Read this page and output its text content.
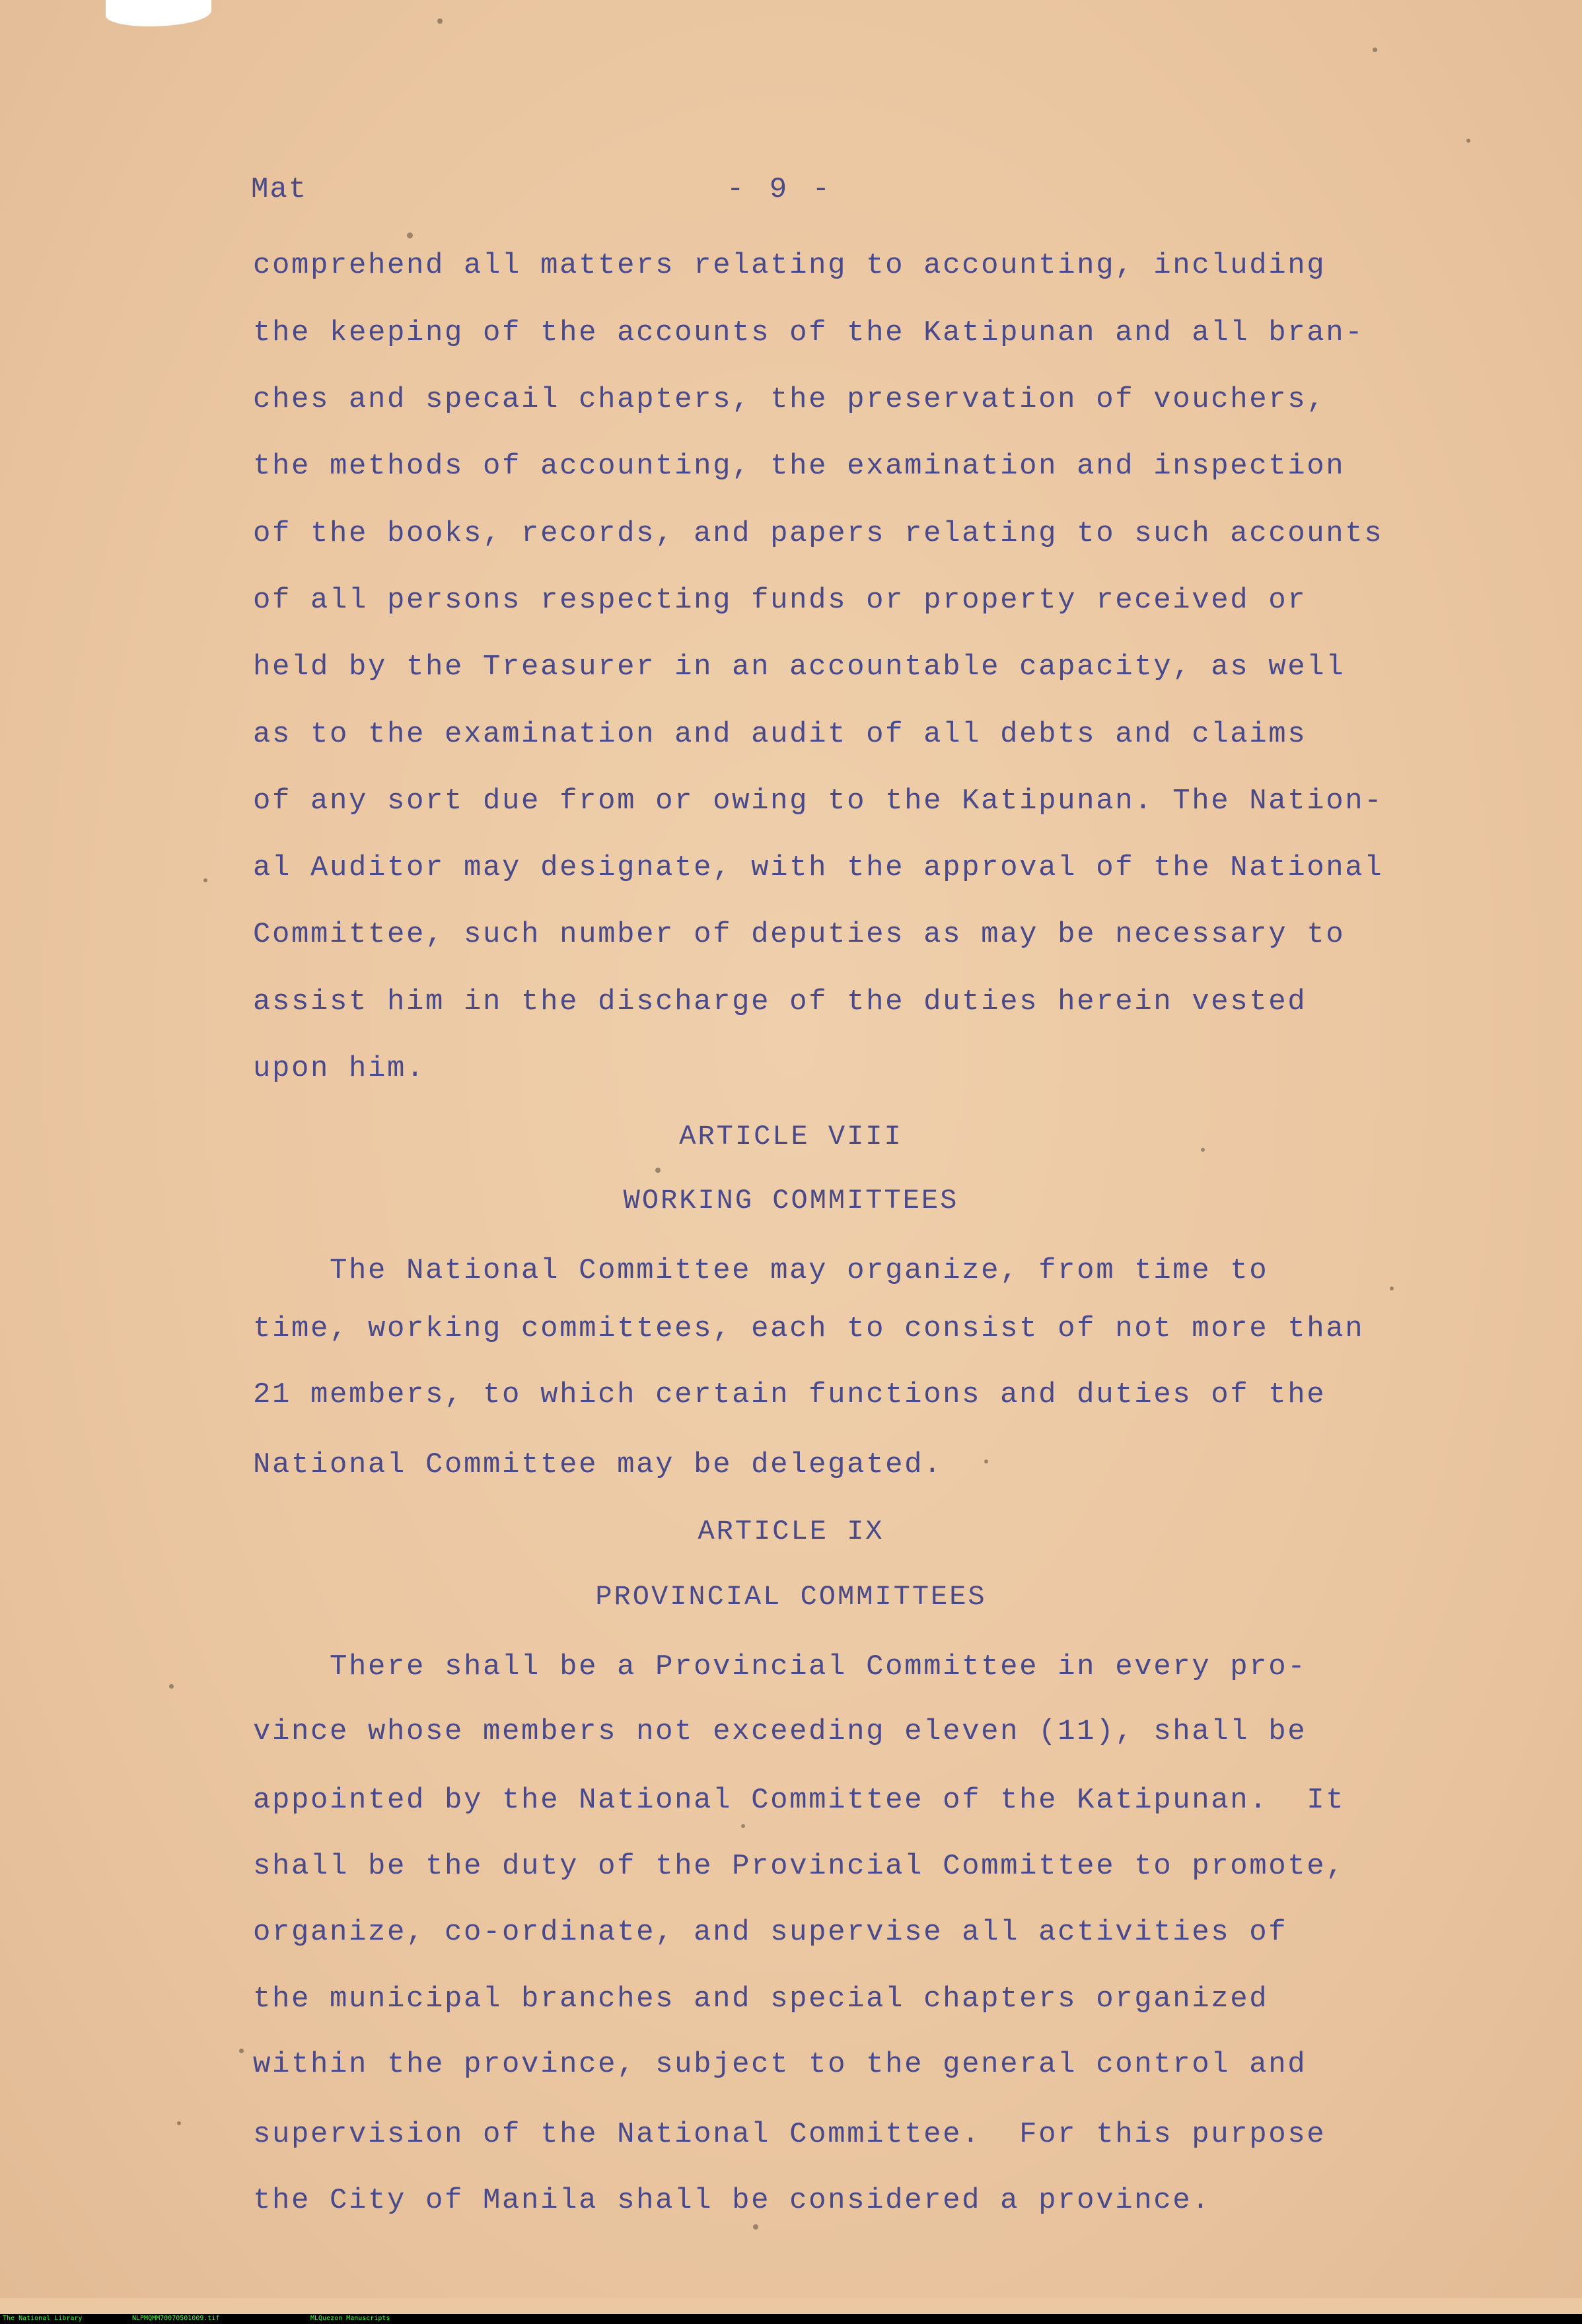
Mat	- 9 -
comprehend all matters relating to accounting, including
the keeping of the accounts of the Katipunan and all bran-
ches and specail chapters, the preservation of vouchers,
the methods of accounting, the examination and inspection
of the books, records, and papers relating to such accounts
of all persons respecting funds or property received or
held by the Treasurer in an accountable capacity, as well
as to the examination and audit of all debts and claims
of any sort due from or owing to the Katipunan. The Nation-
al Auditor may designate, with the approval of the National
Committee, such number of deputies as may be necessary to
assist him in the discharge of the duties herein vested
upon him.
ARTICLE VIII
WORKING COMMITTEES
The National Committee may organize, from time to
time, working committees, each to consist of not more than
21 members, to which certain functions and duties of the
National Committee may be delegated.
ARTICLE IX
PROVINCIAL COMMITTEES
There shall be a Provincial Committee in every pro-
vince whose members not exceeding eleven (11), shall be
appointed by the National Committee of the Katipunan.  It
shall be the duty of the Provincial Committee to promote,
organize, co-ordinate, and supervise all activities of
the municipal branches and special chapters organized
within the province, subject to the general control and
supervision of the National Committee.  For this purpose
the City of Manila shall be considered a province.
The National Library	NLPMQMM70070501009.tif	MLQuezon Manuscripts
